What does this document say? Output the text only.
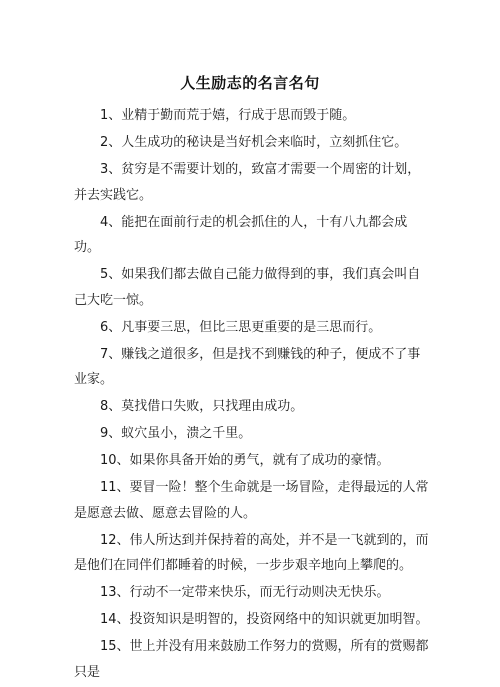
人生励志的名言名句
1、业精于勤而荒于嬉，行成于思而毁于随。
2、人生成功的秘诀是当好机会来临时，立刻抓住它。
3、贫穷是不需要计划的，致富才需要一个周密的计划，并去实践它。
4、能把在面前行走的机会抓住的人，十有八九都会成功。
5、如果我们都去做自己能力做得到的事，我们真会叫自己大吃一惊。
6、凡事要三思，但比三思更重要的是三思而行。
7、赚钱之道很多，但是找不到赚钱的种子，便成不了事业家。
8、莫找借口失败，只找理由成功。
9、蚁穴虽小，溃之千里。
10、如果你具备开始的勇气，就有了成功的豪情。
11、要冒一险！整个生命就是一场冒险，走得最远的人常是愿意去做、愿意去冒险的人。
12、伟人所达到并保持着的高处，并不是一飞就到的，而是他们在同伴们都睡着的时候，一步步艰辛地向上攀爬的。
13、行动不一定带来快乐，而无行动则决无快乐。
14、投资知识是明智的，投资网络中的知识就更加明智。
15、世上并没有用来鼓励工作努力的赏赐，所有的赏赐都只是
